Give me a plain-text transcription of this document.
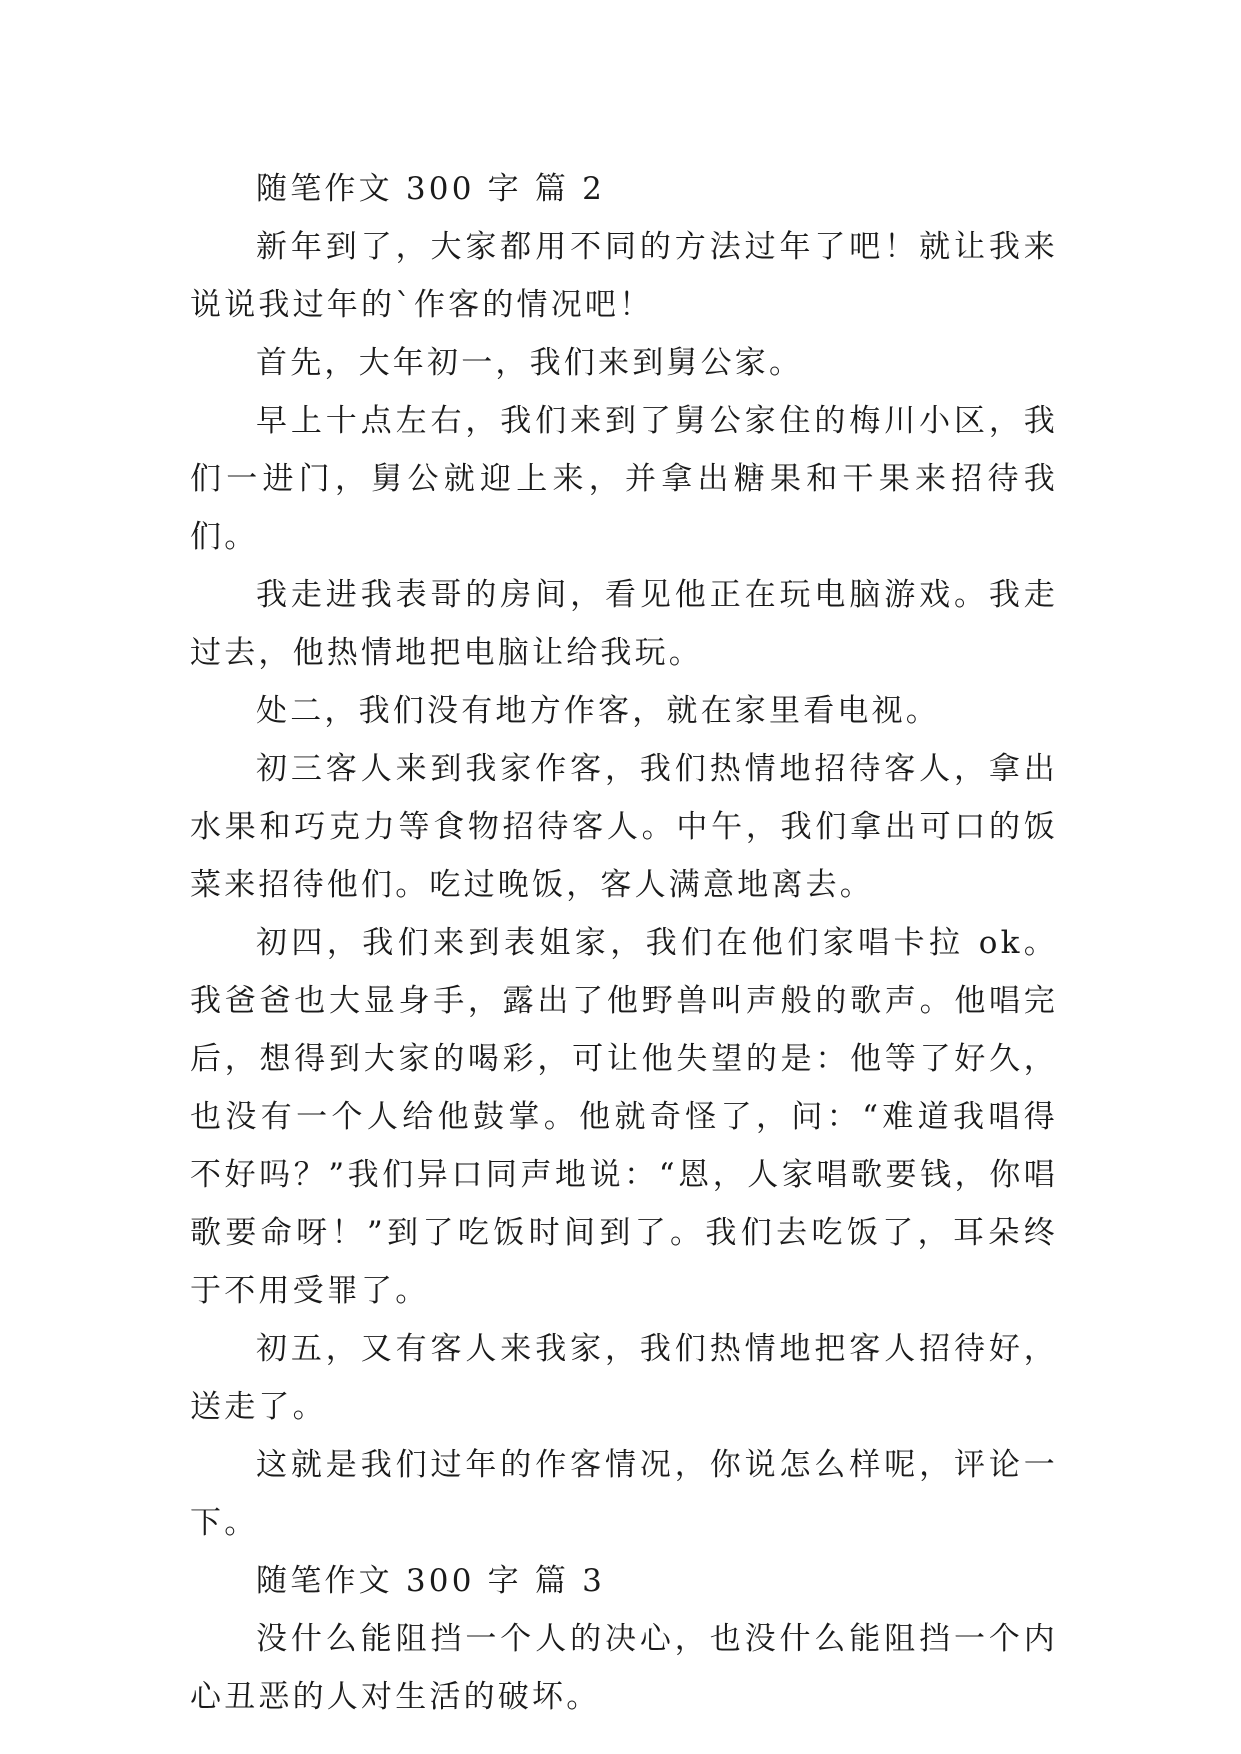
随笔作文 300 字 篇 2

新年到了，大家都用不同的方法过年了吧！就让我来说说我过年的`作客的情况吧！

首先，大年初一，我们来到舅公家。

早上十点左右，我们来到了舅公家住的梅川小区，我们一进门，舅公就迎上来，并拿出糖果和干果来招待我们。

我走进我表哥的房间，看见他正在玩电脑游戏。我走过去，他热情地把电脑让给我玩。

处二，我们没有地方作客，就在家里看电视。

初三客人来到我家作客，我们热情地招待客人，拿出水果和巧克力等食物招待客人。中午，我们拿出可口的饭菜来招待他们。吃过晚饭，客人满意地离去。

初四，我们来到表姐家，我们在他们家唱卡拉 ok。我爸爸也大显身手，露出了他野兽叫声般的歌声。他唱完后，想得到大家的喝彩，可让他失望的是：他等了好久，也没有一个人给他鼓掌。他就奇怪了，问：“难道我唱得不好吗？”我们异口同声地说：“恩，人家唱歌要钱，你唱歌要命呀！”到了吃饭时间到了。我们去吃饭了，耳朵终于不用受罪了。

初五，又有客人来我家，我们热情地把客人招待好，送走了。

这就是我们过年的作客情况，你说怎么样呢，评论一下。

随笔作文 300 字 篇 3

没什么能阻挡一个人的决心，也没什么能阻挡一个内心丑恶的人对生活的破坏。
